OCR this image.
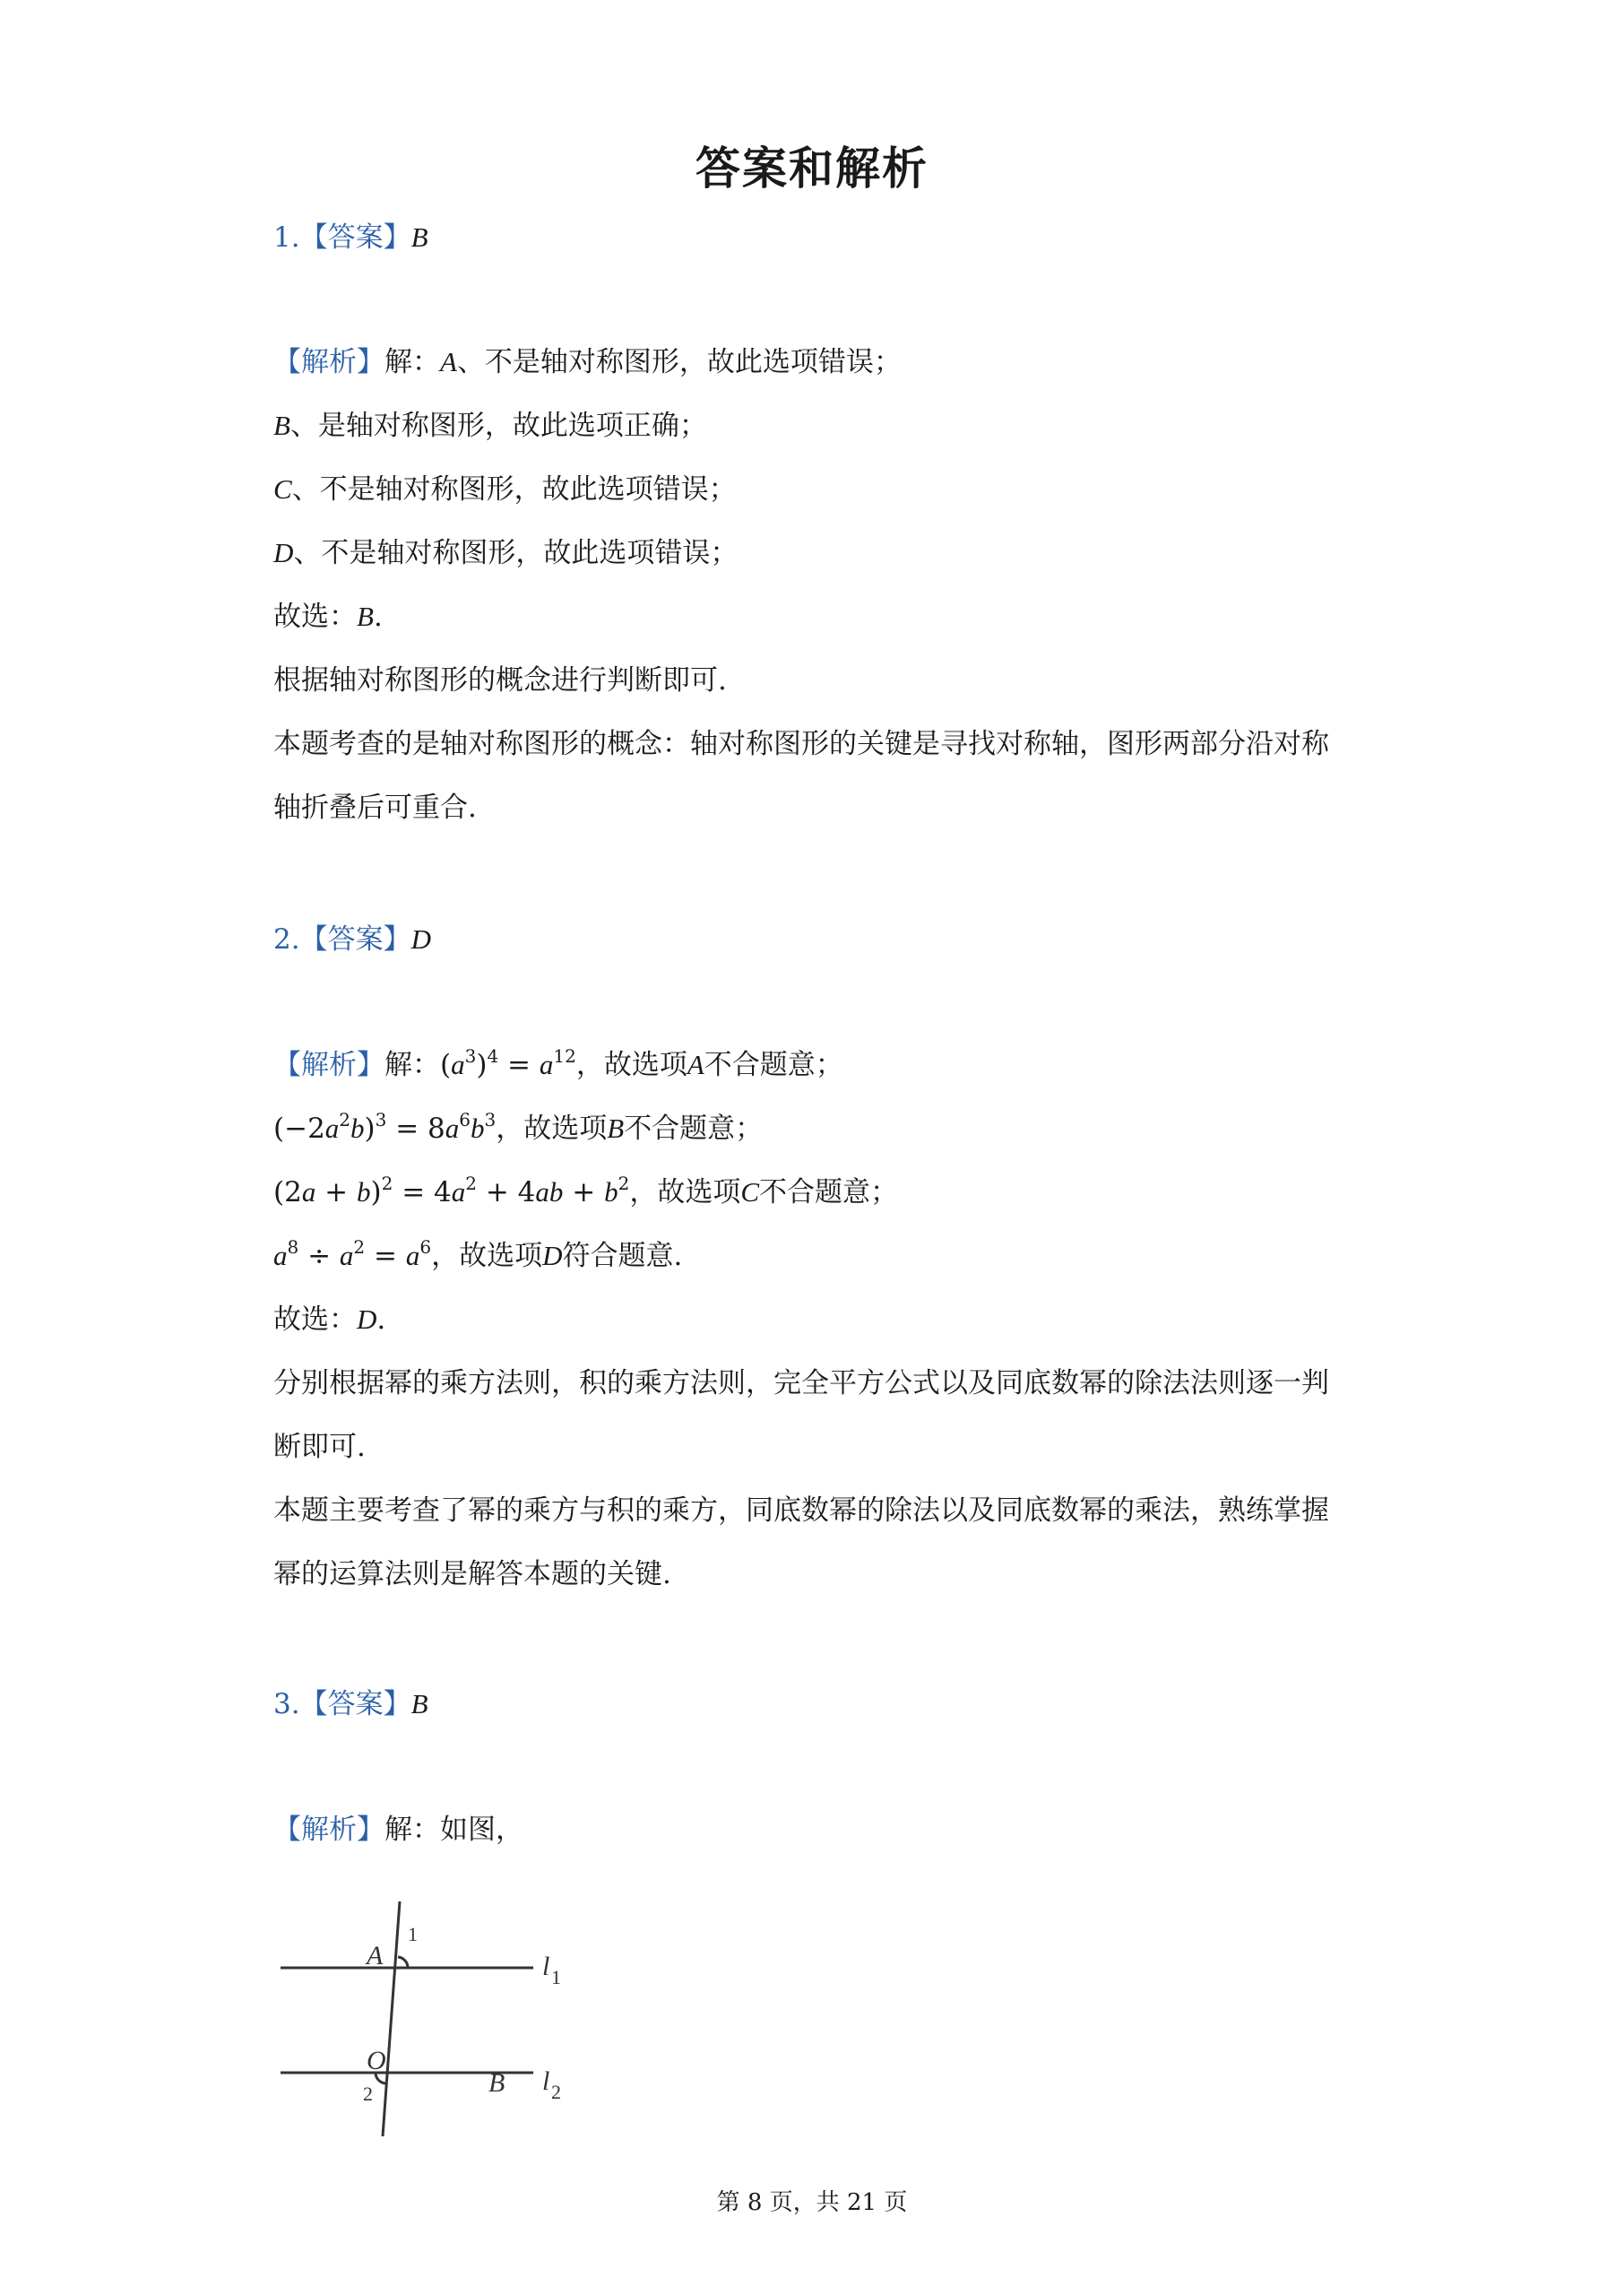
答案和解析
1.【答案】B
【解析】解：A、不是轴对称图形，故此选项错误；
B、是轴对称图形，故此选项正确；
C、不是轴对称图形，故此选项错误；
D、不是轴对称图形，故此选项错误；
故选：B.
根据轴对称图形的概念进行判断即可.
本题考查的是轴对称图形的概念：轴对称图形的关键是寻找对称轴，图形两部分沿对称
轴折叠后可重合.
2.【答案】D
【解析】解：$(a^3)^4 = a^{12}$，故选项A不合题意；
$(-2a^2b)^3 = 8a^6b^3$，故选项B不合题意；
$(2a + b)^2 = 4a^2 + 4ab + b^2$，故选项C不合题意；
$a^8 \div a^2 = a^6$，故选项D符合题意.
故选：D.
分别根据幂的乘方法则，积的乘方法则，完全平方公式以及同底数幂的除法法则逐一判
断即可.
本题主要考查了幂的乘方与积的乘方，同底数幂的除法以及同底数幂的乘法，熟练掌握
幂的运算法则是解答本题的关键.
3.【答案】B
【解析】解：如图，
A
O
B
l
l
1
2
1
2
第 8 页，共 21 页
